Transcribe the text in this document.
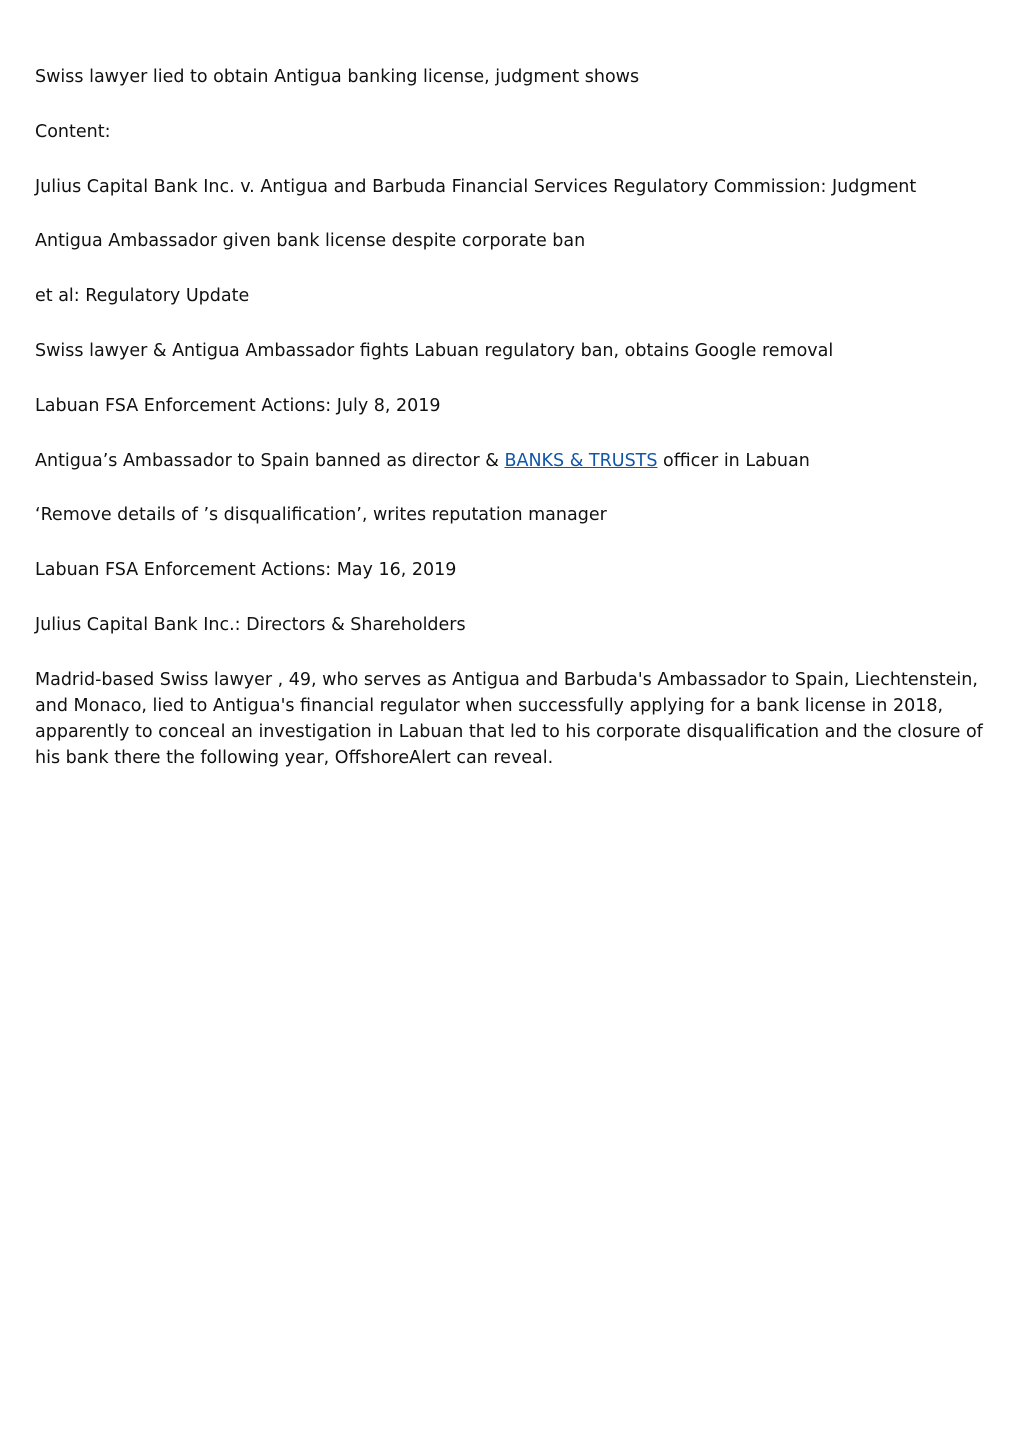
Swiss lawyer lied to obtain Antigua banking license, judgment shows

Content:

Julius Capital Bank Inc. v. Antigua and Barbuda Financial Services Regulatory Commission: Judgment

Antigua Ambassador given bank license despite corporate ban

et al: Regulatory Update

Swiss lawyer & Antigua Ambassador fights Labuan regulatory ban, obtains Google removal

Labuan FSA Enforcement Actions: July 8, 2019

Antigua’s Ambassador to Spain banned as director & BANKS & TRUSTS officer in Labuan

‘Remove details of ’s disqualification’, writes reputation manager

Labuan FSA Enforcement Actions: May 16, 2019

Julius Capital Bank Inc.: Directors & Shareholders

Madrid-based Swiss lawyer , 49, who serves as Antigua and Barbuda's Ambassador to Spain, Liechtenstein, and Monaco, lied to Antigua's financial regulator when successfully applying for a bank license in 2018, apparently to conceal an investigation in Labuan that led to his corporate disqualification and the closure of his bank there the following year, OffshoreAlert can reveal.
